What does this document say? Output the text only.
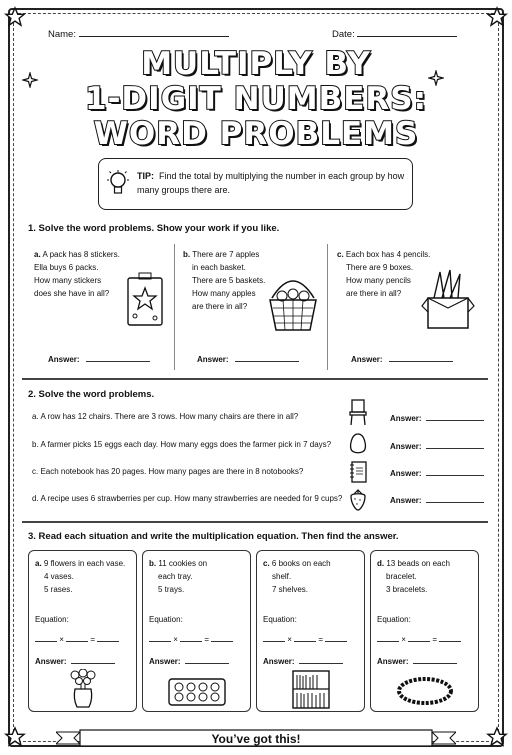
Name:	Date:
MULTIPLY BY
1-DIGIT NUMBERS:
WORD PROBLEMS
TIP: Find the total by multiplying the number in each group by how many groups there are.
1. Solve the word problems. Show your work if you like.
a. A pack has 8 stickers.
Ella buys 6 packs.
How many stickers
does she have in all?
b. There are 7 apples
in each basket.
There are 5 baskets.
How many apples
are there in all?
c. Each box has 4 pencils.
There are 9 boxes.
How many pencils
are there in all?
Answer:	Answer:	Answer:
2. Solve the word problems.
a. A row has 12 chairs. There are 3 rows. How many chairs are there in all?
b. A farmer picks 15 eggs each day. How many eggs does the farmer pick in 7 days?
c. Each notebook has 20 pages. How many pages are there in 8 notobooks?
d. A recipe uses 6 strawberries per cup. How many strawberries are needed for 9 cups?
Answer:
Answer:
Answer:
Answer:
3. Read each situation and write the multiplication equation. Then find the answer.
a. 9 flowers in each vase.
4 vases.
5 rases.
Equation:
×	=
Answer:
b. 11 cookies on
each tray.
5 trays.
Equation:
×	=
Answer:
c. 6 books on each
shelf.
7 shelves.
Equation:
×	=
Answer:
d. 13 beads on each
bracelet.
3 bracelets.
Equation:
×	=
Answer:
You’ve got this!
